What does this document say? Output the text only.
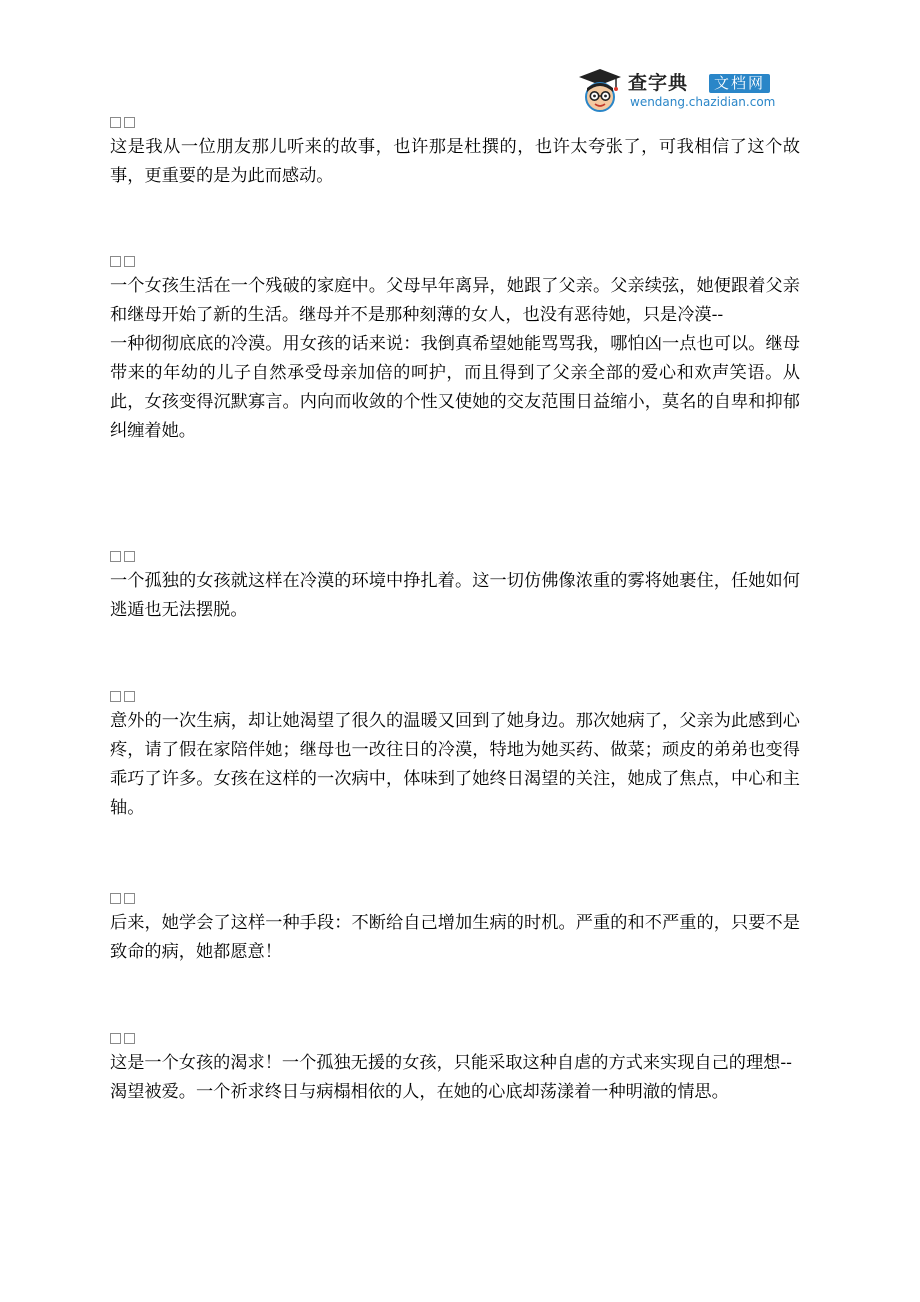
查字典	文档网
wendang.chazidian.com

这是我从一位朋友那儿听来的故事，也许那是杜撰的，也许太夸张了，可我相信了这个故事，更重要的是为此而感动。

一个女孩生活在一个残破的家庭中。父母早年离异，她跟了父亲。父亲续弦，她便跟着父亲和继母开始了新的生活。继母并不是那种刻薄的女人，也没有恶待她，只是冷漠--

一种彻彻底底的冷漠。用女孩的话来说：我倒真希望她能骂骂我，哪怕凶一点也可以。继母带来的年幼的儿子自然承受母亲加倍的呵护，而且得到了父亲全部的爱心和欢声笑语。从此，女孩变得沉默寡言。内向而收敛的个性又使她的交友范围日益缩小，莫名的自卑和抑郁纠缠着她。

一个孤独的女孩就这样在冷漠的环境中挣扎着。这一切仿佛像浓重的雾将她裹住，任她如何逃遁也无法摆脱。

意外的一次生病，却让她渴望了很久的温暖又回到了她身边。那次她病了，父亲为此感到心疼，请了假在家陪伴她；继母也一改往日的冷漠，特地为她买药、做菜；顽皮的弟弟也变得乖巧了许多。女孩在这样的一次病中，体味到了她终日渴望的关注，她成了焦点，中心和主轴。

后来，她学会了这样一种手段：不断给自己增加生病的时机。严重的和不严重的，只要不是致命的病，她都愿意！

这是一个女孩的渴求！一个孤独无援的女孩，只能采取这种自虐的方式来实现自己的理想--

渴望被爱。一个祈求终日与病榻相依的人，在她的心底却荡漾着一种明澈的情思。
